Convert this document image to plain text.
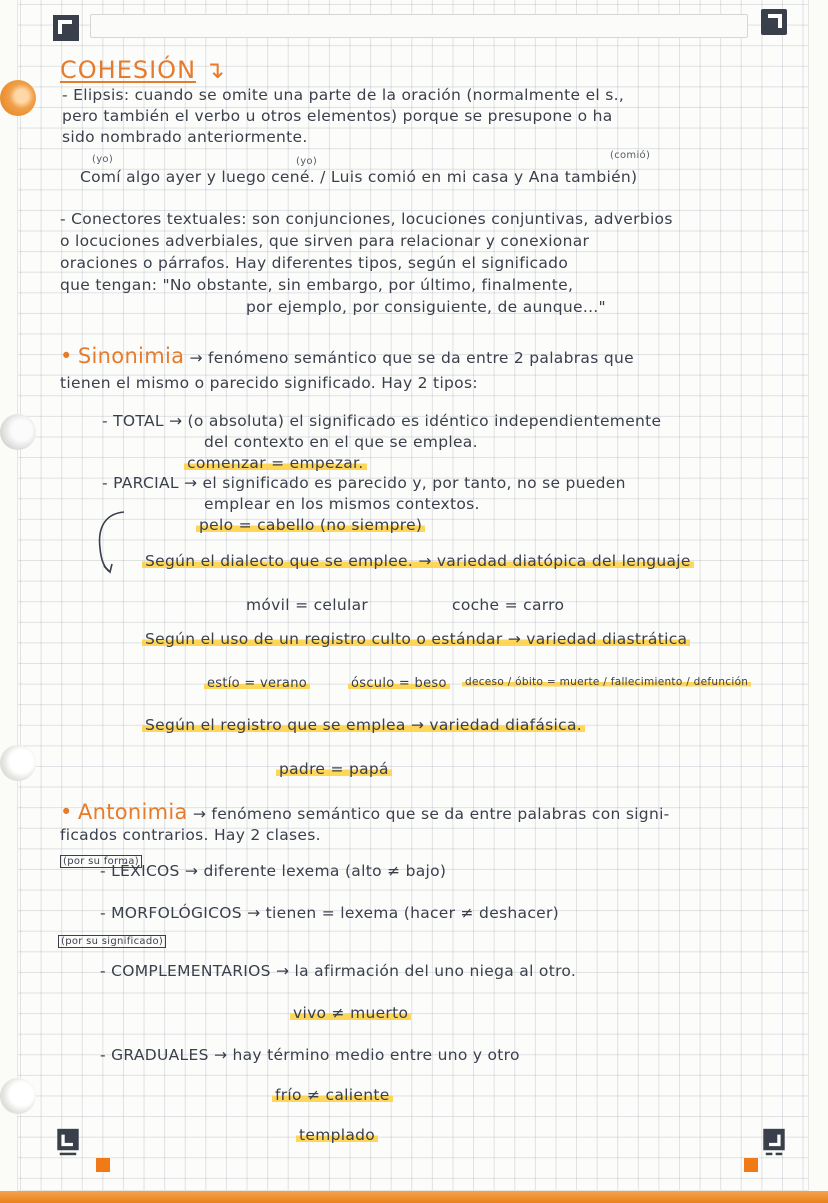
COHESIÓN ↴

- Elipsis: cuando se omite una parte de la oración (normalmente el s.,

pero también el verbo u otros elementos) porque se presupone o ha

sido nombrado anteriormente.

(yo)	(yo)

(comió)

Comí algo ayer y luego cené. / Luis comió en mi casa y Ana también)

- Conectores textuales: son conjunciones, locuciones conjuntivas, adverbios

o locuciones adverbiales, que sirven para relacionar y conexionar

oraciones o párrafos. Hay diferentes tipos, según el significado

que tengan: "No obstante, sin embargo, por último, finalmente,

por ejemplo, por consiguiente, de aunque..."

• Sinonimia → fenómeno semántico que se da entre 2 palabras que

tienen el mismo o parecido significado. Hay 2 tipos:

- TOTAL → (o absoluta) el significado es idéntico independientemente

del contexto en el que se emplea.

comenzar = empezar.

- PARCIAL → el significado es parecido y, por tanto, no se pueden

emplear en los mismos contextos.

pelo = cabello (no siempre)

Según el dialecto que se emplee. → variedad diatópica del lenguaje

móvil = celular	coche = carro

Según el uso de un registro culto o estándar → variedad diastrática

estío = verano	ósculo = beso deceso / óbito = muerte / fallecimiento / defunción

Según el registro que se emplea → variedad diafásica.

padre = papá

• Antonimia → fenómeno semántico que se da entre palabras con signi-

ficados contrarios. Hay 2 clases.

(por su forma)

- LÉXICOS → diferente lexema (alto ≠ bajo)

- MORFOLÓGICOS → tienen = lexema (hacer ≠ deshacer)

(por su significado)

- COMPLEMENTARIOS → la afirmación del uno niega al otro.

vivo ≠ muerto

- GRADUALES → hay término medio entre uno y otro

frío ≠ caliente

templado
